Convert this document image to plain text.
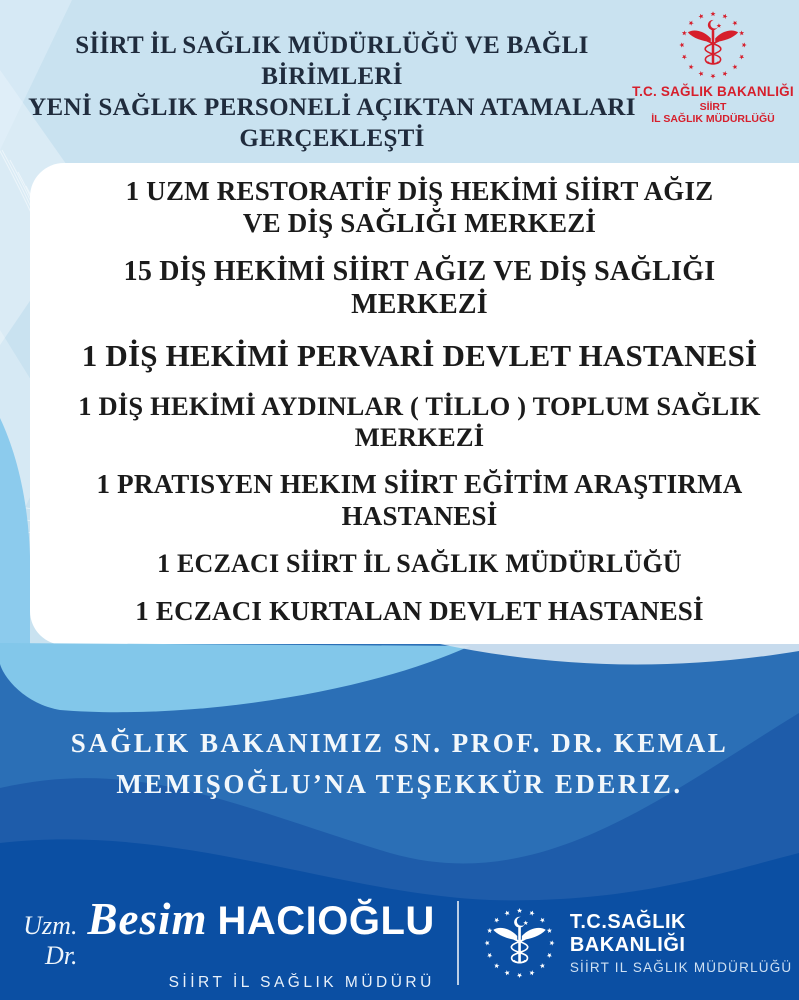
SİİRT İL SAĞLIK MÜDÜRLÜĞÜ VE BAĞLI BİRİMLERİ
YENİ SAĞLIK PERSONELİ AÇIKTAN ATAMALARI
GERÇEKLEŞTİ
T.C. SAĞLIK BAKANLIĞI
SİİRT
İL SAĞLIK MÜDÜRLÜĞÜ
1 UZM RESTORATİF DİŞ HEKİMİ SİİRT AĞIZ
VE DİŞ SAĞLIĞI MERKEZİ
15 DİŞ HEKİMİ SİİRT AĞIZ VE DİŞ SAĞLIĞI
MERKEZİ
1 DİŞ HEKİMİ PERVARİ DEVLET HASTANESİ
1 DİŞ HEKİMİ AYDINLAR ( TİLLO ) TOPLUM SAĞLIK
MERKEZİ
1 PRATISYEN HEKIM SİİRT EĞİTİM ARAŞTIRMA
HASTANESİ
1 ECZACI SİİRT İL SAĞLIK MÜDÜRLÜĞÜ
1 ECZACI KURTALAN DEVLET HASTANESİ
SAĞLIK BAKANIMIZ SN. PROF. DR. KEMAL
MEMIŞOĞLU’NA TEŞEKKÜR EDERIZ.
Uzm. Dr.
Besim HACIOĞLU
SİİRT İL SAĞLIK MÜDÜRÜ
T.C.SAĞLIK BAKANLIĞI
SİİRT IL SAĞLIK MÜDÜRLÜĞÜ
